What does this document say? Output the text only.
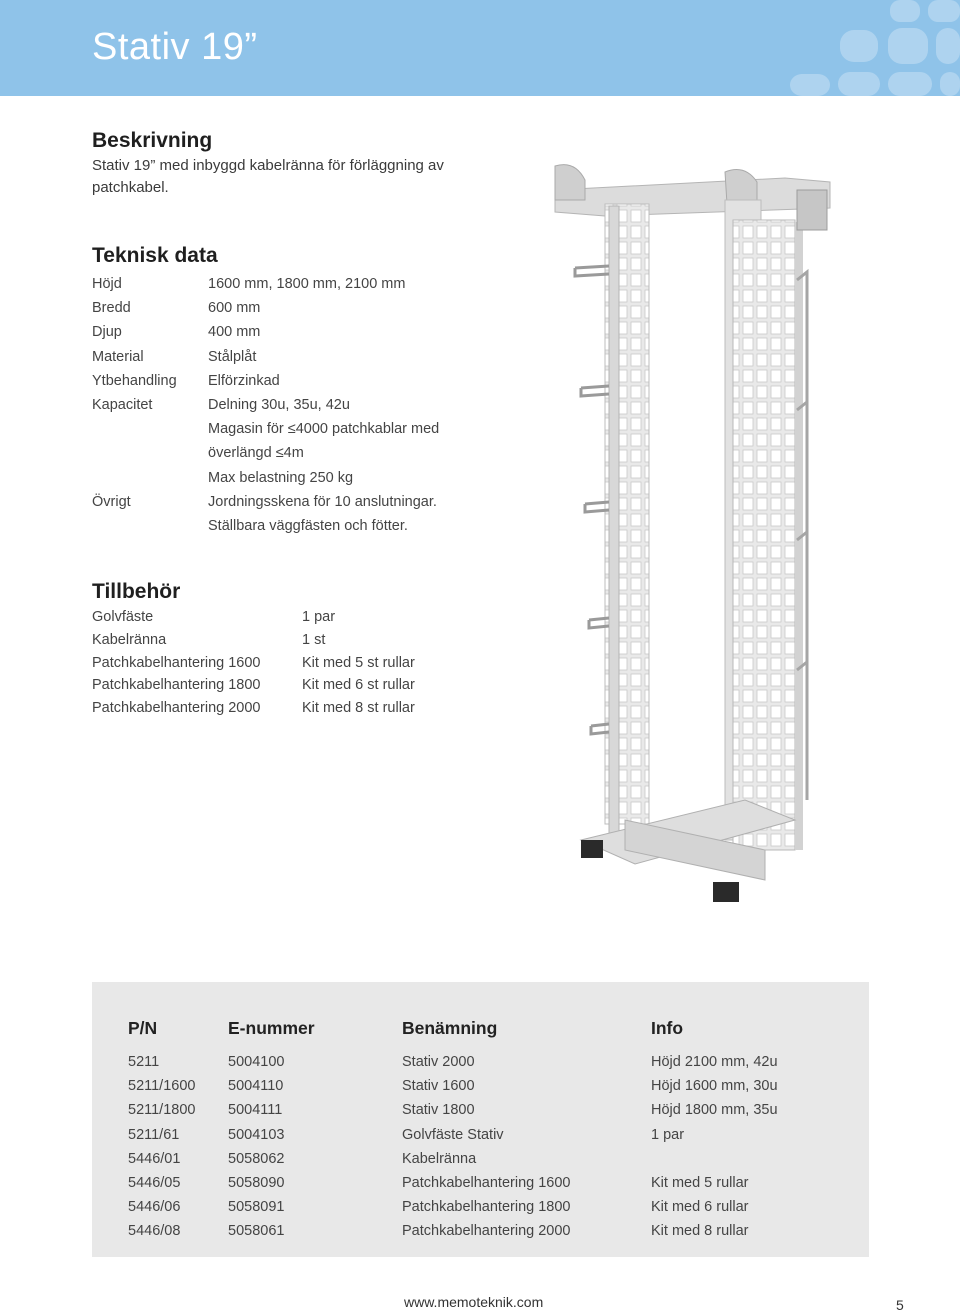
Stativ 19”
Beskrivning
Stativ 19” med inbyggd kabelränna för förläggning av
patchkabel.
Teknisk data
Höjd	1600 mm, 1800 mm, 2100 mm
Bredd	600 mm
Djup	400 mm
Material	Stålplåt
Ytbehandling	Elförzinkad
Kapacitet	Delning 30u, 35u, 42u
Magasin för ≤4000 patchkablar med
överlängd ≤4m
Max belastning 250 kg
Övrigt	Jordningsskena för 10 anslutningar.
Ställbara väggfästen och fötter.
Tillbehör
Golvfäste	1 par
Kabelränna	1 st
Patchkabelhantering 1600	Kit med 5 st rullar
Patchkabelhantering 1800	Kit med 6 st rullar
Patchkabelhantering 2000	Kit med 8 st rullar
P/N	E-nummer	Benämning	Info
5211	5004100	Stativ 2000	Höjd 2100 mm, 42u
5211/1600	5004110	Stativ 1600	Höjd 1600 mm, 30u
5211/1800	5004111	Stativ 1800	Höjd 1800 mm, 35u
5211/61	5004103	Golvfäste Stativ	1 par
5446/01	5058062	Kabelränna
5446/05	5058090	Patchkabelhantering 1600	Kit med 5 rullar
5446/06	5058091	Patchkabelhantering 1800	Kit med 6 rullar
5446/08	5058061	Patchkabelhantering 2000	Kit med 8 rullar
www.memoteknik.com	5
